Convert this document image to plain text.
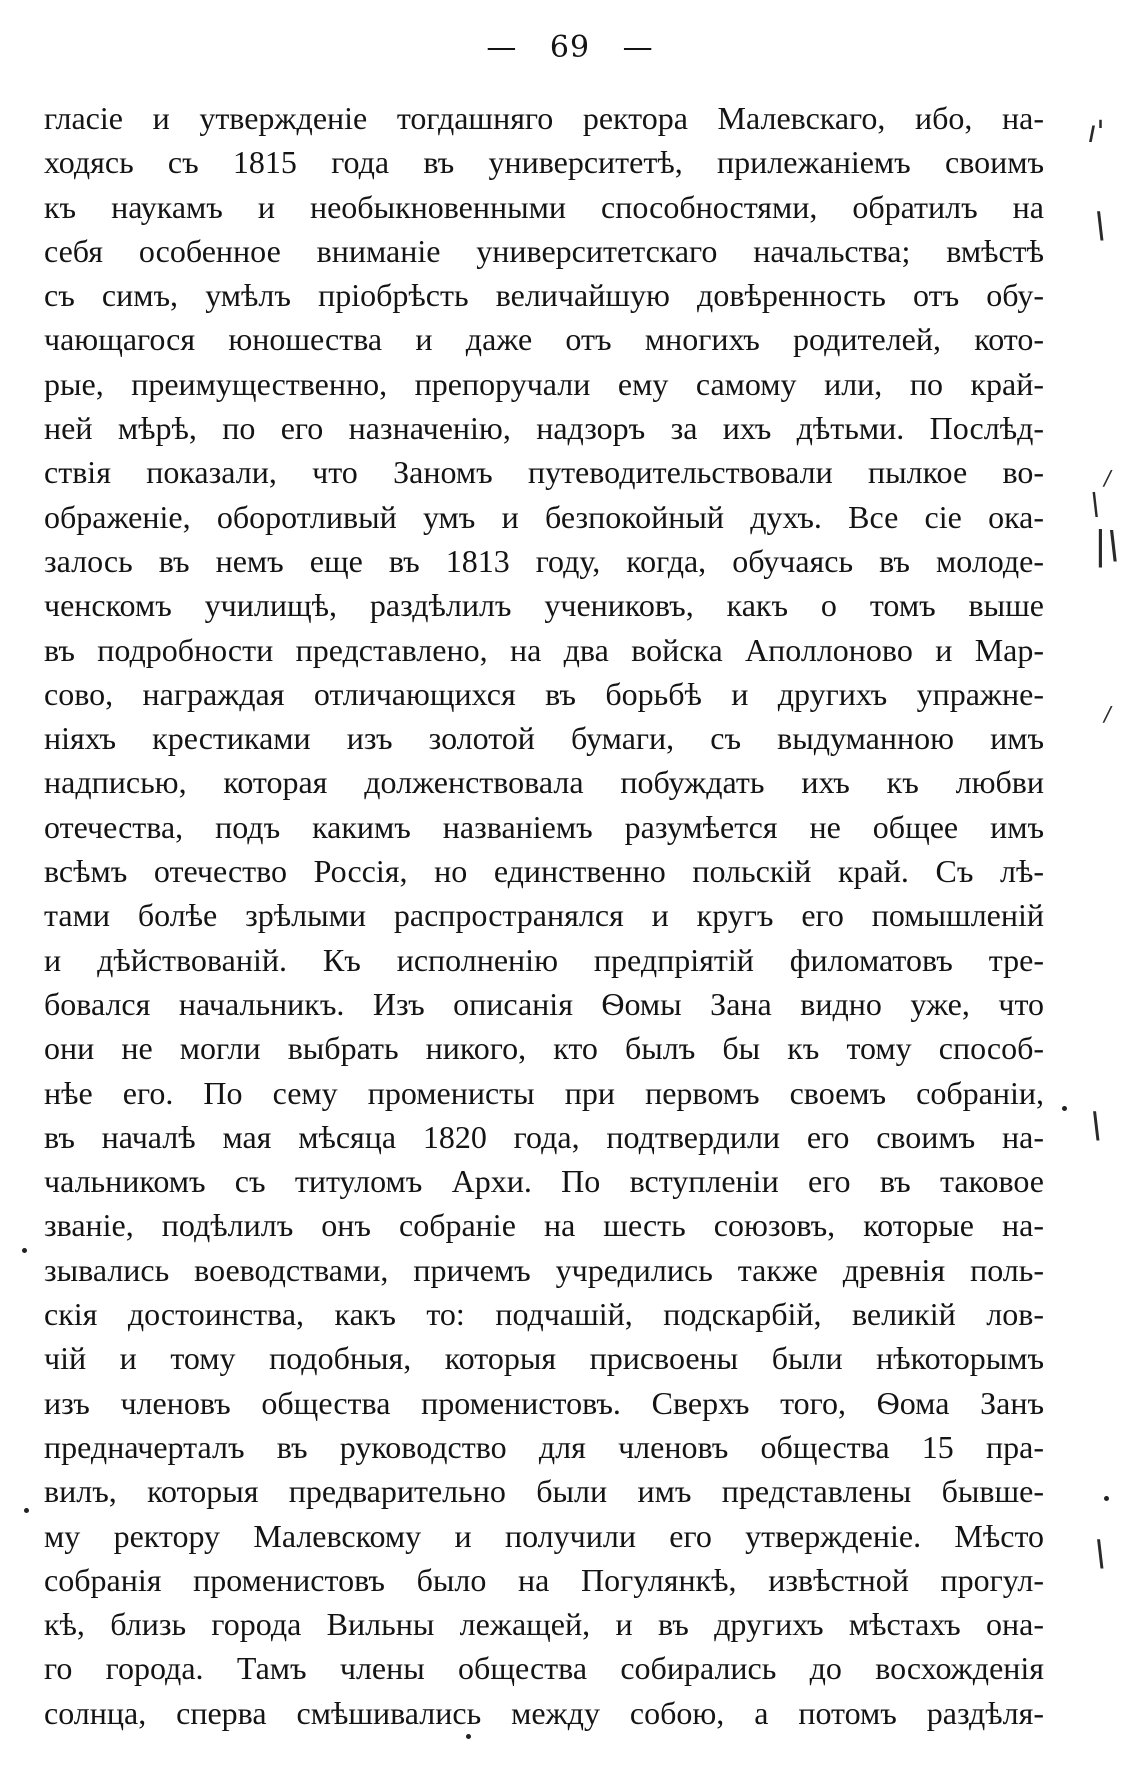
— 69 —
гласіе и утвержденіе тогдашняго ректора Малевскаго, ибо, на-
ходясь съ 1815 года въ университетѣ, прилежаніемъ своимъ
къ наукамъ и необыкновенными способностями, обратилъ на
себя особенное вниманіе университетскаго начальства; вмѣстѣ
съ симъ, умѣлъ пріобрѣсть величайшую довѣренность отъ обу-
чающагося юношества и даже отъ многихъ родителей, кото-
рые, преимущественно, препоручали ему самому или, по край-
ней мѣрѣ, по его назначенію, надзоръ за ихъ дѣтьми. Послѣд-
ствія показали, что Заномъ путеводительствовали пылкое во-
ображеніе, оборотливый умъ и безпокойный духъ. Все сіе ока-
залось въ немъ еще въ 1813 году, когда, обучаясь въ молоде-
ченскомъ училищѣ, раздѣлилъ учениковъ, какъ о томъ выше
въ подробности представлено, на два войска Аполлоново и Мар-
сово, награждая отличающихся въ борьбѣ и другихъ упражне-
ніяхъ крестиками изъ золотой бумаги, съ выдуманною имъ
надписью, которая долженствовала побуждать ихъ къ любви
отечества, подъ какимъ названіемъ разумѣется не общее имъ
всѣмъ отечество Россія, но единственно польскій край. Съ лѣ-
тами болѣе зрѣлыми распространялся и кругъ его помышленій
и дѣйствованій. Къ исполненію предпріятій филоматовъ тре-
бовался начальникъ. Изъ описанія Ѳомы Зана видно уже, что
они не могли выбрать никого, кто былъ бы къ тому способ-
нѣе его. По сему променисты при первомъ своемъ собраніи,
въ началѣ мая мѣсяца 1820 года, подтвердили его своимъ на-
чальникомъ съ титуломъ Архи. По вступленіи его въ таковое
званіе, подѣлилъ онъ собраніе на шесть союзовъ, которые на-
зывались воеводствами, причемъ учредились также древнія поль-
скія достоинства, какъ то: подчашій, подскарбій, великій лов-
чій и тому подобныя, которыя присвоены были нѣкоторымъ
изъ членовъ общества променистовъ. Сверхъ того, Ѳома Занъ
предначерталъ въ руководство для членовъ общества 15 пра-
вилъ, которыя предварительно были имъ представлены бывше-
му ректору Малевскому и получили его утвержденіе. Мѣсто
собранія променистовъ было на Погулянкѣ, извѣстной прогул-
кѣ, близь города Вильны лежащей, и въ другихъ мѣстахъ она-
го города. Тамъ члены общества собирались до восхожденія
солнца, сперва смѣшивались между собою, а потомъ раздѣля-
ı'
\
\
|\
/
/
\
\
